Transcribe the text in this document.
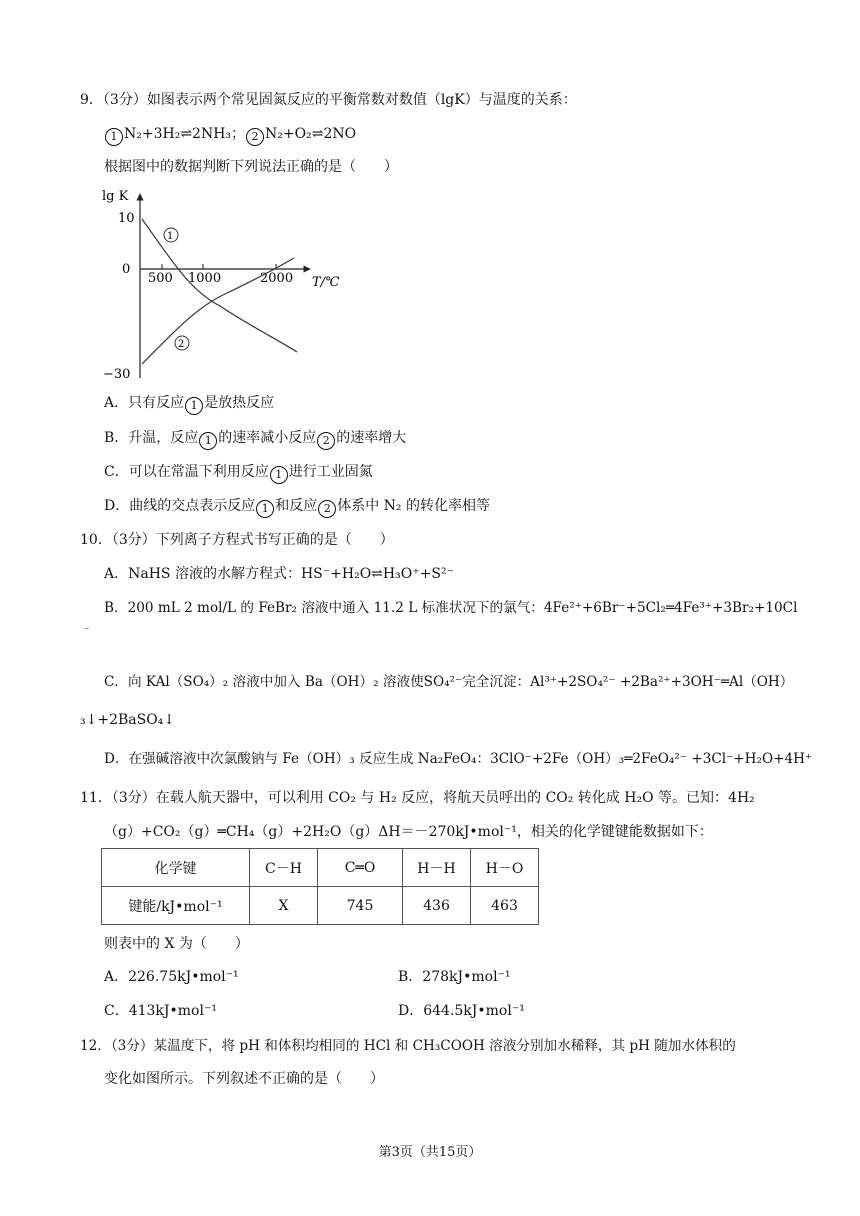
9．（3分）如图表示两个常见固氮反应的平衡常数对数值（lgK）与温度的关系：
1 N₂+3H₂⇌2NH₃； 2 N₂+O₂⇌2NO
根据图中的数据判断下列说法正确的是（　　）
lg K
T/℃
10
0
−30
500 1000	2000
1
2
A．只有反应 1 是放热反应
B．升温，反应 1 的速率减小反应 2 的速率增大
C．可以在常温下利用反应 1 进行工业固氮
D．曲线的交点表示反应 1 和反应 2 体系中 N₂ 的转化率相等
10．（3分）下列离子方程式书写正确的是（　　）
A．NaHS 溶液的水解方程式：HS⁻+H₂O⇌H₃O⁺+S²⁻
B．200 mL 2 mol/L 的 FeBr₂ 溶液中通入 11.2 L 标准状况下的氯气：4Fe²⁺+6Br⁻+5Cl₂═4Fe³⁺+3Br₂+10Cl
⁻
C．向 KAl（SO₄）₂ 溶液中加入 Ba（OH）₂ 溶液使SO₄²⁻完全沉淀：Al³⁺+2SO₄²⁻ +2Ba²⁺+3OH⁻═Al（OH）
₃↓+2BaSO₄↓
D．在强碱溶液中次氯酸钠与 Fe（OH）₃ 反应生成 Na₂FeO₄：3ClO⁻+2Fe（OH）₃═2FeO₄²⁻ +3Cl⁻+H₂O+4H⁺
11．（3分）在载人航天器中，可以利用 CO₂ 与 H₂ 反应，将航天员呼出的 CO₂ 转化成 H₂O 等。已知：4H₂
（g）+CO₂（g）═CH₄（g）+2H₂O（g）ΔH＝－270kJ•mol⁻¹，相关的化学键键能数据如下：
化学键	C－H	C═O	H－H	H－O
键能/kJ•mol⁻¹	X	745	436	463
则表中的 X 为（　　）
A．226.75kJ•mol⁻¹	B．278kJ•mol⁻¹
C．413kJ•mol⁻¹	D．644.5kJ•mol⁻¹
12．（3分）某温度下，将 pH 和体积均相同的 HCl 和 CH₃COOH 溶液分别加水稀释，其 pH 随加水体积的
变化如图所示。下列叙述不正确的是（　　）
第3页（共15页）
